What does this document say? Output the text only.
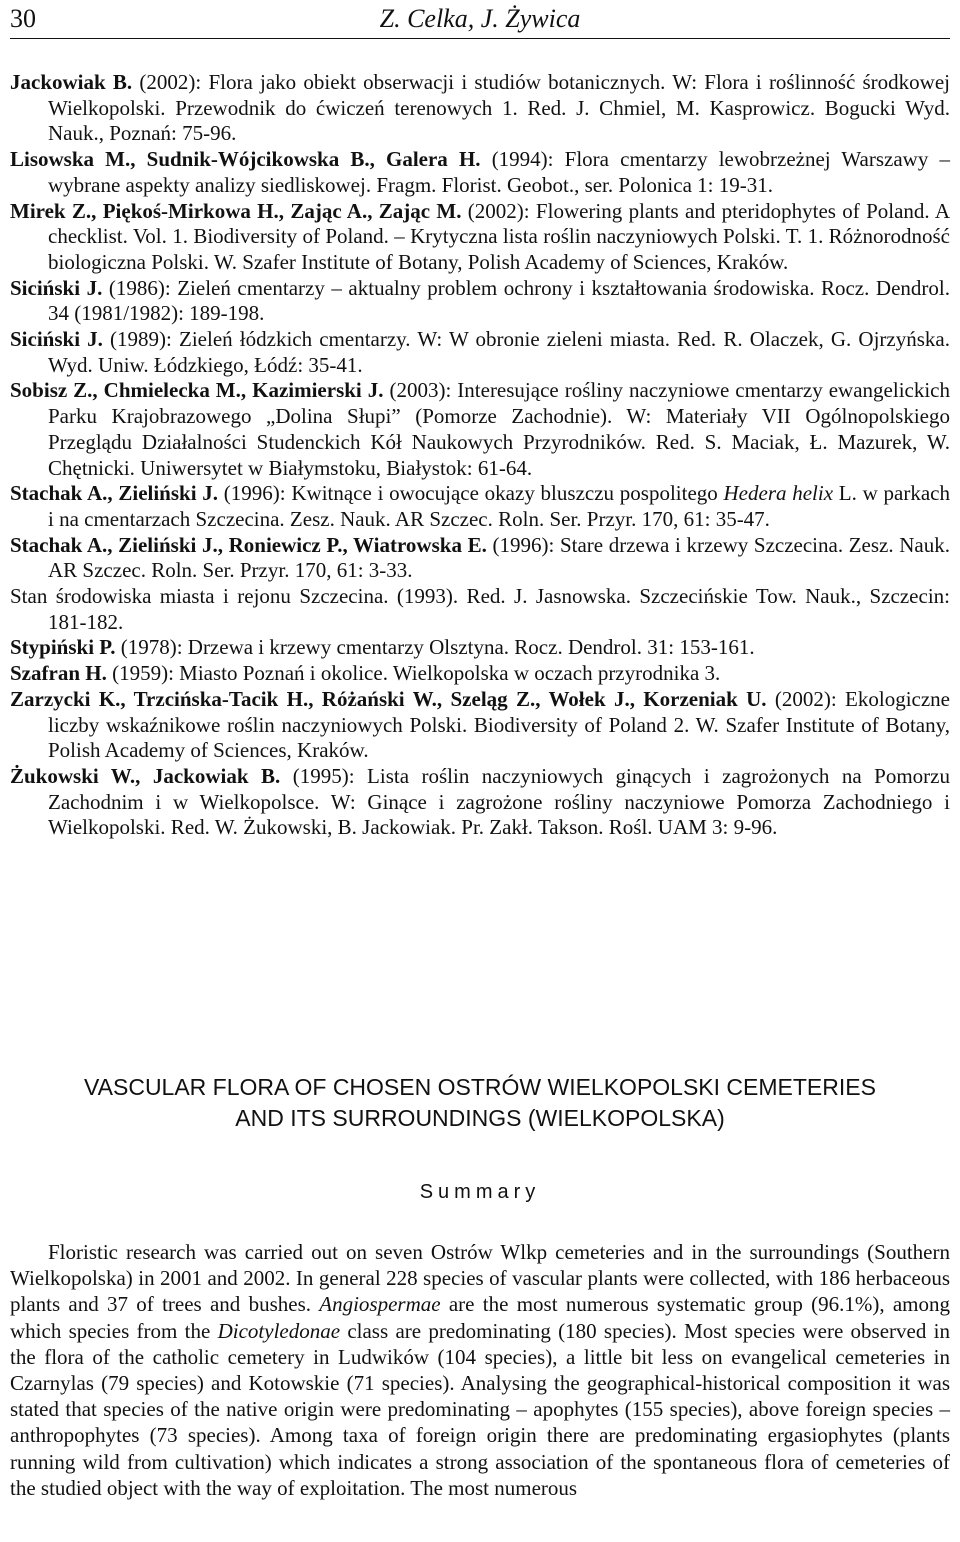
30	Z. Celka, J. Żywica

Jackowiak B. (2002): Flora jako obiekt obserwacji i studiów botanicznych. W: Flora i roślinność środkowej Wielkopolski. Przewodnik do ćwiczeń terenowych 1. Red. J. Chmiel, M. Kasprowicz. Bogucki Wyd. Nauk., Poznań: 75-96.

Lisowska M., Sudnik-Wójcikowska B., Galera H. (1994): Flora cmentarzy lewobrzeżnej Warszawy – wybrane aspekty analizy siedliskowej. Fragm. Florist. Geobot., ser. Polonica 1: 19-31.

Mirek Z., Piękoś-Mirkowa H., Zając A., Zając M. (2002): Flowering plants and pteridophytes of Poland. A checklist. Vol. 1. Biodiversity of Poland. – Krytyczna lista roślin naczyniowych Polski. T. 1. Różnorodność biologiczna Polski. W. Szafer Institute of Botany, Polish Academy of Sciences, Kraków.

Siciński J. (1986): Zieleń cmentarzy – aktualny problem ochrony i kształtowania środowiska. Rocz. Dendrol. 34 (1981/1982): 189-198.

Siciński J. (1989): Zieleń łódzkich cmentarzy. W: W obronie zieleni miasta. Red. R. Olaczek, G. Ojrzyńska. Wyd. Uniw. Łódzkiego, Łódź: 35-41.

Sobisz Z., Chmielecka M., Kazimierski J. (2003): Interesujące rośliny naczyniowe cmentarzy ewangelickich Parku Krajobrazowego „Dolina Słupi” (Pomorze Zachodnie). W: Materiały VII Ogólnopolskiego Przeglądu Działalności Studenckich Kół Naukowych Przyrodników. Red. S. Maciak, Ł. Mazurek, W. Chętnicki. Uniwersytet w Białymstoku, Białystok: 61-64.

Stachak A., Zieliński J. (1996): Kwitnące i owocujące okazy bluszczu pospolitego Hedera helix L. w parkach i na cmentarzach Szczecina. Zesz. Nauk. AR Szczec. Roln. Ser. Przyr. 170, 61: 35-47.

Stachak A., Zieliński J., Roniewicz P., Wiatrowska E. (1996): Stare drzewa i krzewy Szczecina. Zesz. Nauk. AR Szczec. Roln. Ser. Przyr. 170, 61: 3-33.

Stan środowiska miasta i rejonu Szczecina. (1993). Red. J. Jasnowska. Szczecińskie Tow. Nauk., Szczecin: 181-182.

Stypiński P. (1978): Drzewa i krzewy cmentarzy Olsztyna. Rocz. Dendrol. 31: 153-161.

Szafran H. (1959): Miasto Poznań i okolice. Wielkopolska w oczach przyrodnika 3.

Zarzycki K., Trzcińska-Tacik H., Różański W., Szeląg Z., Wołek J., Korzeniak U. (2002): Ekologiczne liczby wskaźnikowe roślin naczyniowych Polski. Biodiversity of Poland 2. W. Szafer Institute of Botany, Polish Academy of Sciences, Kraków.

Żukowski W., Jackowiak B. (1995): Lista roślin naczyniowych ginących i zagrożonych na Pomorzu Zachodnim i w Wielkopolsce. W: Ginące i zagrożone rośliny naczyniowe Pomorza Zachodniego i Wielkopolski. Red. W. Żukowski, B. Jackowiak. Pr. Zakł. Takson. Rośl. UAM 3: 9-96.

VASCULAR FLORA OF CHOSEN OSTRÓW WIELKOPOLSKI CEMETERIES
AND ITS SURROUNDINGS (WIELKOPOLSKA)
Summary

Floristic research was carried out on seven Ostrów Wlkp cemeteries and in the surroundings (Southern Wielkopolska) in 2001 and 2002. In general 228 species of vascular plants were collected, with 186 herbaceous plants and 37 of trees and bushes. Angiospermae are the most numerous systematic group (96.1%), among which species from the Dicotyledonae class are predominating (180 species). Most species were observed in the flora of the catholic cemetery in Ludwików (104 species), a little bit less on evangelical cemeteries in Czarnylas (79 species) and Kotowskie (71 species). Analysing the geographical-historical composition it was stated that species of the native origin were predominating – apophytes (155 species), above foreign species – anthropophytes (73 species). Among taxa of foreign origin there are predominating ergasiophytes (plants running wild from cultivation) which indicates a strong association of the spontaneous flora of cemeteries of the studied object with the way of exploitation. The most numerous
